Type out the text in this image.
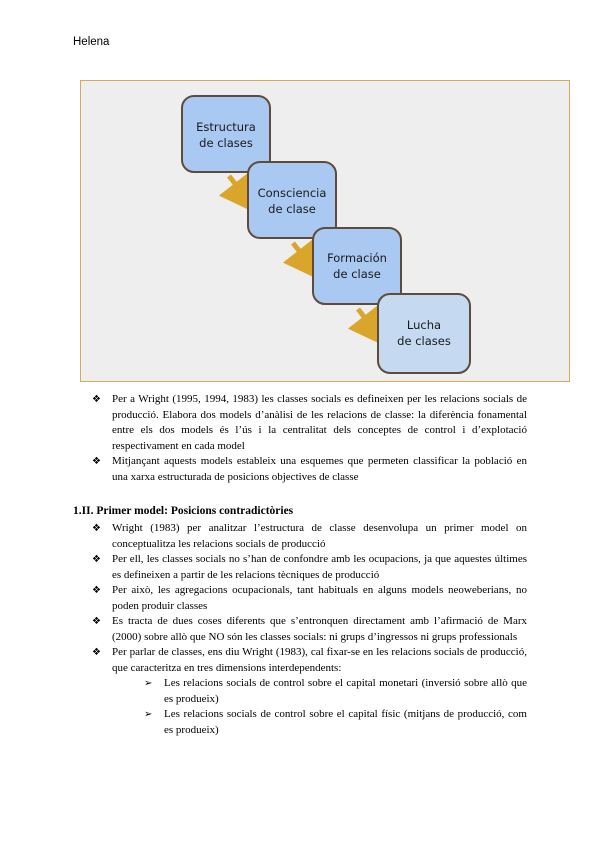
Helena
Estructura
de clases
Consciencia
de clase
Formación
de clase
Lucha
de clases
❖ Per a Wright (1995, 1994, 1983) les classes socials es defineixen per les relacions socials de producció. Elabora dos models d’anàlisi de les relacions de classe: la diferència fonamental entre els dos models és l’ús i la centralitat dels conceptes de control i d’explotació respectivament en cada model
❖ Mitjançant aquests models estableix una esquemes que permeten classificar la població en una xarxa estructurada de posicions objectives de classe
1.II. Primer model: Posicions contradictòries
❖ Wright (1983) per analitzar l’estructura de classe desenvolupa un primer model on conceptualitza les relacions socials de producció
❖ Per ell, les classes socials no s’han de confondre amb les ocupacions, ja que aquestes últimes es defineixen a partir de les relacions tècniques de producció
❖ Per això, les agregacions ocupacionals, tant habituals en alguns models neoweberians, no poden produir classes
❖ Es tracta de dues coses diferents que s’entronquen directament amb l’afirmació de Marx (2000) sobre allò que NO són les classes socials: ni grups d’ingressos ni grups professionals
❖ Per parlar de classes, ens diu Wright (1983), cal fixar-se en les relacions socials de producció, que caracteritza en tres dimensions interdependents:
➢ Les relacions socials de control sobre el capital monetari (inversió sobre allò que es produeix)
➢ Les relacions socials de control sobre el capital físic (mitjans de producció, com es produeix)
